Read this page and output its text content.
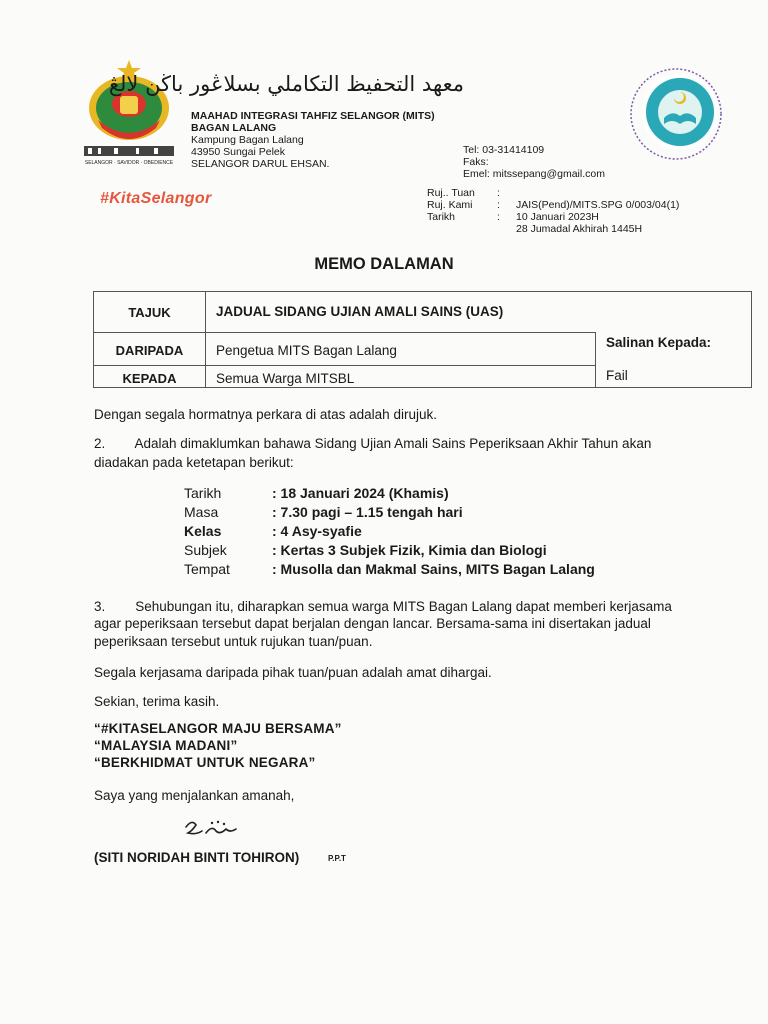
SELANGOR · SAVIDOR · OBEDIENCE
معهد التحفيظ التكاملي بسلاڠور باڬن لالڠ
MAAHAD INTEGRASI TAHFIZ SELANGOR (MITS)
BAGAN LALANG
Kampung Bagan Lalang
43950 Sungai Pelek
SELANGOR DARUL EHSAN.
Tel: 03-31414109
Faks:
Emel: mitssepang@gmail.com
#KitaSelangor	Ruj.. Tuan :
Ruj. Kami : JAIS(Pend)/MITS.SPG 0/003/04(1)
Tarikh	: 10 Januari 2023H
28 Jumadal Akhirah 1445H
MEMO DALAMAN
TAJUK	JADUAL SIDANG UJIAN AMALI SAINS (UAS)
DARIPADA	Pengetua MITS Bagan Lalang
KEPADA	Semua Warga MITSBL
Salinan Kepada:
Fail
Dengan segala hormatnya perkara di atas adalah dirujuk.
2.        Adalah dimaklumkan bahawa Sidang Ujian Amali Sains Peperiksaan Akhir Tahun akan
diadakan pada ketetapan berikut:
Tarikh	: 18 Januari 2024 (Khamis)
Masa	: 7.30 pagi – 1.15 tengah hari
Kelas	: 4 Asy-syafie
Subjek	: Kertas 3 Subjek Fizik, Kimia dan Biologi
Tempat	: Musolla dan Makmal Sains, MITS Bagan Lalang
3.        Sehubungan itu, diharapkan semua warga MITS Bagan Lalang dapat memberi kerjasama
agar peperiksaan tersebut dapat berjalan dengan lancar. Bersama-sama ini disertakan jadual
peperiksaan tersebut untuk rujukan tuan/puan.
Segala kerjasama daripada pihak tuan/puan adalah amat dihargai.
Sekian, terima kasih.
“#KITASELANGOR MAJU BERSAMA”
“MALAYSIA MADANI”
“BERKHIDMAT UNTUK NEGARA”
Saya yang menjalankan amanah,
(SITI NORIDAH BINTI TOHIRON)	P.P.T
